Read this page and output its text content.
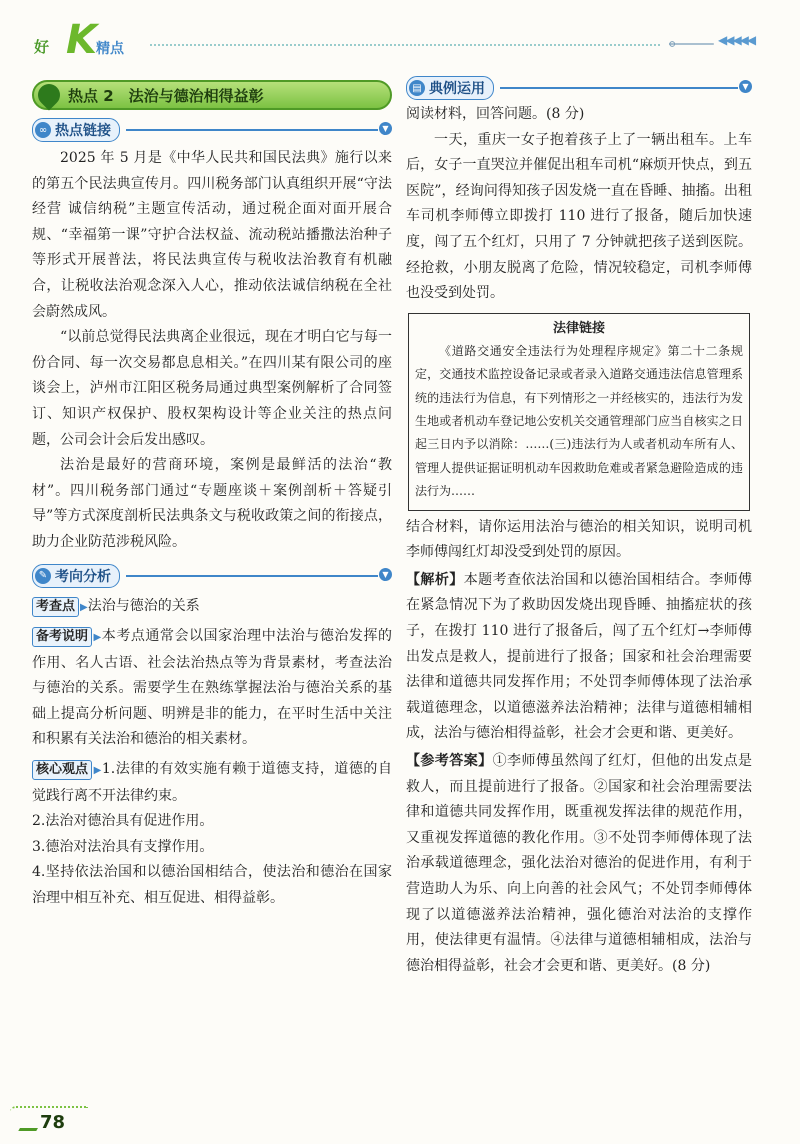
好 K 精点
◀◀◀◀◀
热点 2　法治与德治相得益彰
∞ 热点链接	▼

2025 年 5 月是《中华人民共和国民法典》施行以来的第五个民法典宣传月。四川税务部门认真组织开展“守法经营 诚信纳税”主题宣传活动，通过税企面对面开展合规、“幸福第一课”守护合法权益、流动税站播撒法治种子等形式开展普法，将民法典宣传与税收法治教育有机融合，让税收法治观念深入人心，推动依法诚信纳税在全社会蔚然成风。

“以前总觉得民法典离企业很远，现在才明白它与每一份合同、每一次交易都息息相关。”在四川某有限公司的座谈会上，泸州市江阳区税务局通过典型案例解析了合同签订、知识产权保护、股权架构设计等企业关注的热点问题，公司会计会后发出感叹。

法治是最好的营商环境，案例是最鲜活的法治“教材”。四川税务部门通过“专题座谈＋案例剖析＋答疑引导”等方式深度剖析民法典条文与税收政策之间的衔接点，助力企业防范涉税风险。

✎ 考向分析	▼

考查点 ▶法治与德治的关系

备考说明 ▶本考点通常会以国家治理中法治与德治发挥的作用、名人古语、社会法治热点等为背景素材，考查法治与德治的关系。需要学生在熟练掌握法治与德治关系的基础上提高分析问题、明辨是非的能力，在平时生活中关注和积累有关法治和德治的相关素材。

核心观点 ▶1.法律的有效实施有赖于道德支持，道德的自觉践行离不开法律约束。

2.法治对德治具有促进作用。

3.德治对法治具有支撑作用。

4.坚持依法治国和以德治国相结合，使法治和德治在国家治理中相互补充、相互促进、相得益彰。

▤ 典例运用	▼

阅读材料，回答问题。(8 分)

一天，重庆一女子抱着孩子上了一辆出租车。上车后，女子一直哭泣并催促出租车司机“麻烦开快点，到五医院”，经询问得知孩子因发烧一直在昏睡、抽搐。出租车司机李师傅立即拨打 110 进行了报备，随后加快速度，闯了五个红灯，只用了 7 分钟就把孩子送到医院。经抢救，小朋友脱离了危险，情况较稳定，司机李师傅也没受到处罚。

法律链接

《道路交通安全违法行为处理程序规定》第二十二条规定，交通技术监控设备记录或者录入道路交通违法信息管理系统的违法行为信息，有下列情形之一并经核实的，违法行为发生地或者机动车登记地公安机关交通管理部门应当自核实之日起三日内予以消除：……(三)违法行为人或者机动车所有人、管理人提供证据证明机动车因救助危难或者紧急避险造成的违法行为……

结合材料，请你运用法治与德治的相关知识，说明司机李师傅闯红灯却没受到处罚的原因。

【解析】本题考查依法治国和以德治国相结合。李师傅在紧急情况下为了救助因发烧出现昏睡、抽搐症状的孩子，在拨打 110 进行了报备后，闯了五个红灯→李师傅出发点是救人，提前进行了报备；国家和社会治理需要法律和道德共同发挥作用；不处罚李师傅体现了法治承载道德理念，以道德滋养法治精神；法律与道德相辅相成，法治与德治相得益彰，社会才会更和谐、更美好。

【参考答案】①李师傅虽然闯了红灯，但他的出发点是救人，而且提前进行了报备。②国家和社会治理需要法律和道德共同发挥作用，既重视发挥法律的规范作用，又重视发挥道德的教化作用。③不处罚李师傅体现了法治承载道德理念，强化法治对德治的促进作用，有利于营造助人为乐、向上向善的社会风气；不处罚李师傅体现了以道德滋养法治精神，强化德治对法治的支撑作用，使法律更有温情。④法律与道德相辅相成，法治与德治相得益彰，社会才会更和谐、更美好。(8 分)

78
